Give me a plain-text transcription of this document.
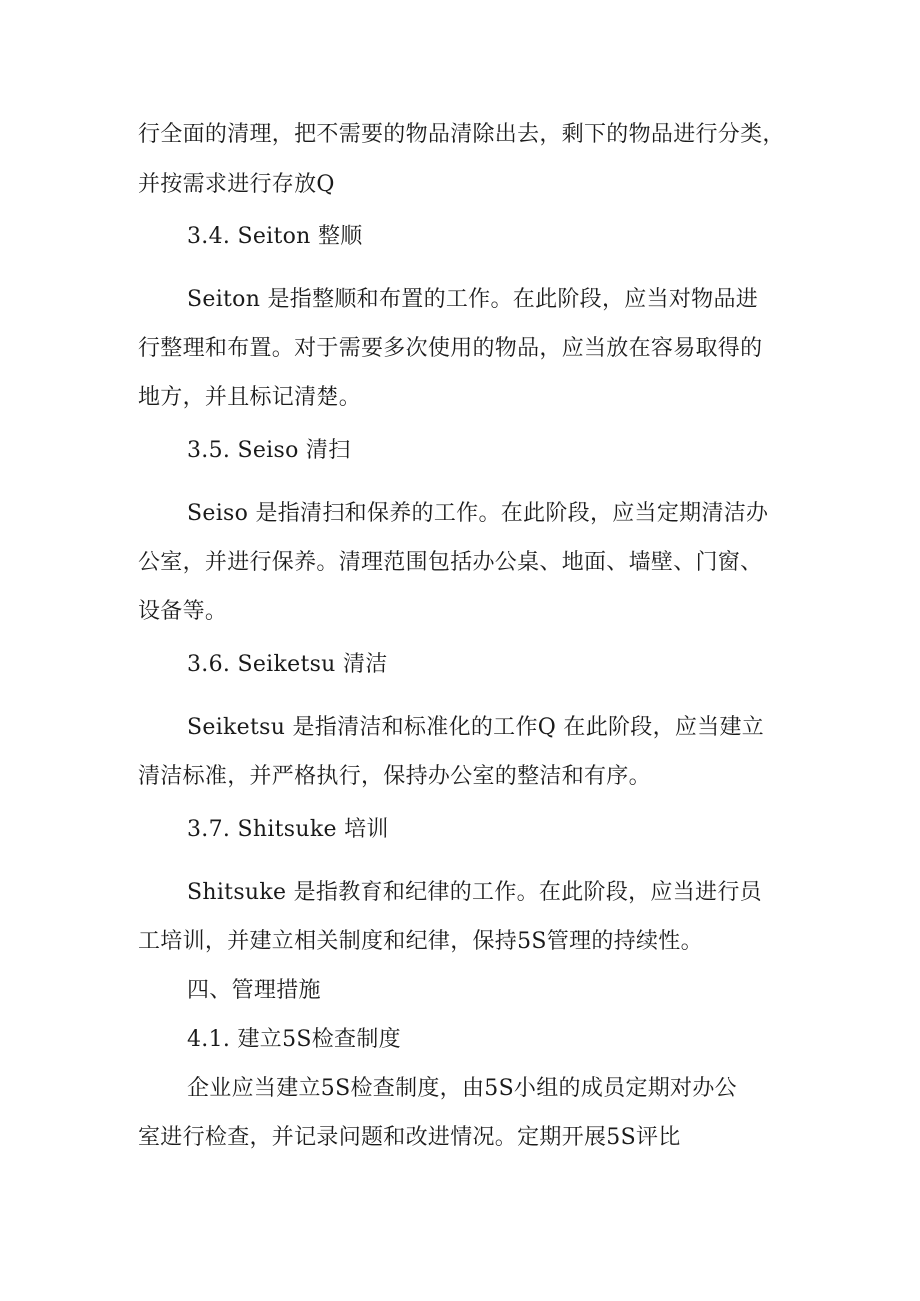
行全面的清理，把不需要的物品清除出去，剩下的物品进行分类，
并按需求进行存放Q
3.4. Seiton 整顺
Seiton 是指整顺和布置的工作。在此阶段，应当对物品进
行整理和布置。对于需要多次使用的物品，应当放在容易取得的
地方，并且标记清楚。
3.5. Seiso 清扫
Seiso 是指清扫和保养的工作。在此阶段，应当定期清洁办
公室，并进行保养。清理范围包括办公桌、地面、墙壁、门窗、
设备等。
3.6. Seiketsu 清洁
Seiketsu 是指清洁和标准化的工作Q 在此阶段，应当建立
清洁标准，并严格执行，保持办公室的整洁和有序。
3.7. Shitsuke 培训
Shitsuke 是指教育和纪律的工作。在此阶段，应当进行员
工培训，并建立相关制度和纪律，保持5S管理的持续性。
四、管理措施
4.1. 建立5S检查制度
企业应当建立5S检查制度，由5S小组的成员定期对办公
室进行检查，并记录问题和改进情况。定期开展5S评比
